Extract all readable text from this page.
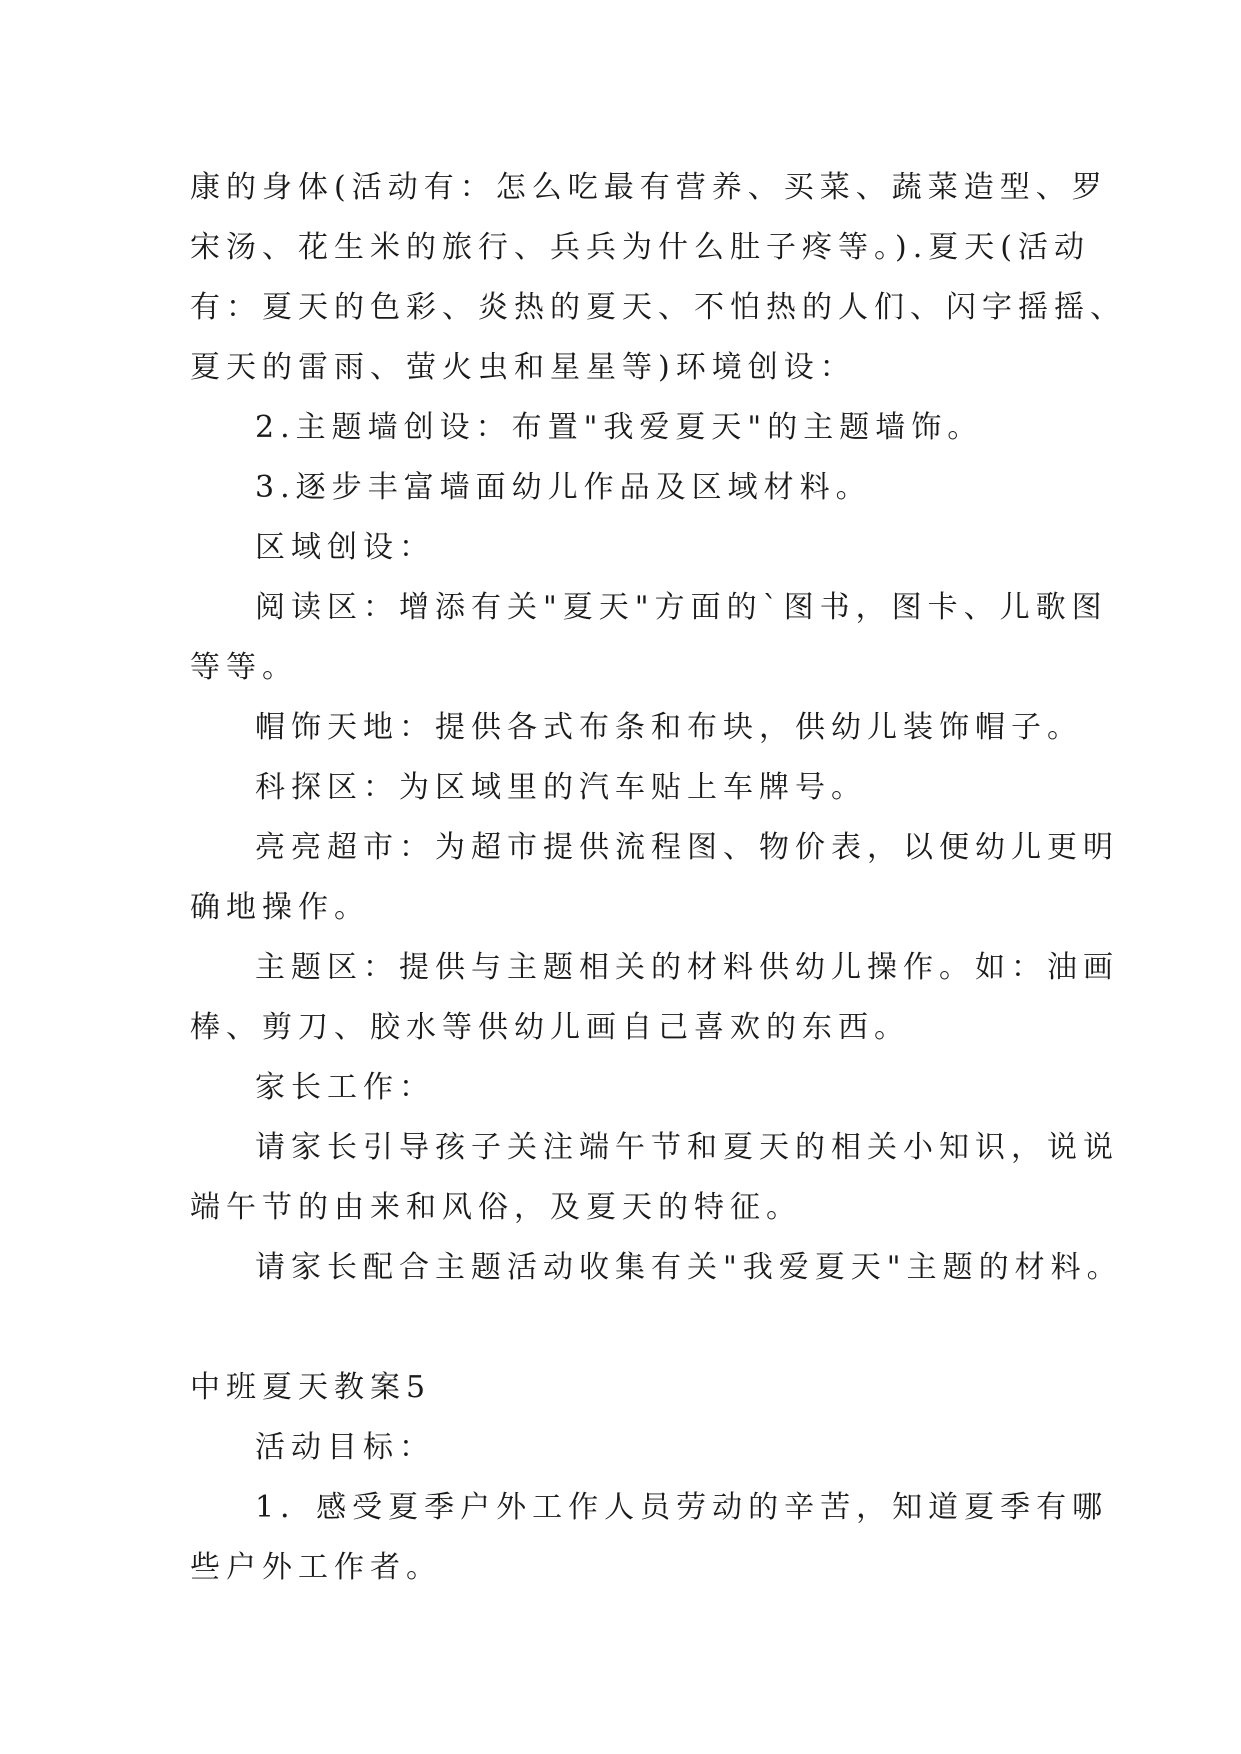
康的身体(活动有：怎么吃最有营养、买菜、蔬菜造型、罗
宋汤、花生米的旅行、兵兵为什么肚子疼等。).夏天(活动
有：夏天的色彩、炎热的夏天、不怕热的人们、闪字摇摇、
夏天的雷雨、萤火虫和星星等)环境创设：
2.主题墙创设：布置"我爱夏天"的主题墙饰。
3.逐步丰富墙面幼儿作品及区域材料。
区域创设：
阅读区：增添有关"夏天"方面的`图书，图卡、儿歌图
等等。
帽饰天地：提供各式布条和布块，供幼儿装饰帽子。
科探区：为区域里的汽车贴上车牌号。
亮亮超市：为超市提供流程图、物价表，以便幼儿更明
确地操作。
主题区：提供与主题相关的材料供幼儿操作。如：油画
棒、剪刀、胶水等供幼儿画自己喜欢的东西。
家长工作：
请家长引导孩子关注端午节和夏天的相关小知识，说说
端午节的由来和风俗，及夏天的特征。
请家长配合主题活动收集有关"我爱夏天"主题的材料。
中班夏天教案5
活动目标：
1．感受夏季户外工作人员劳动的辛苦，知道夏季有哪
些户外工作者。
